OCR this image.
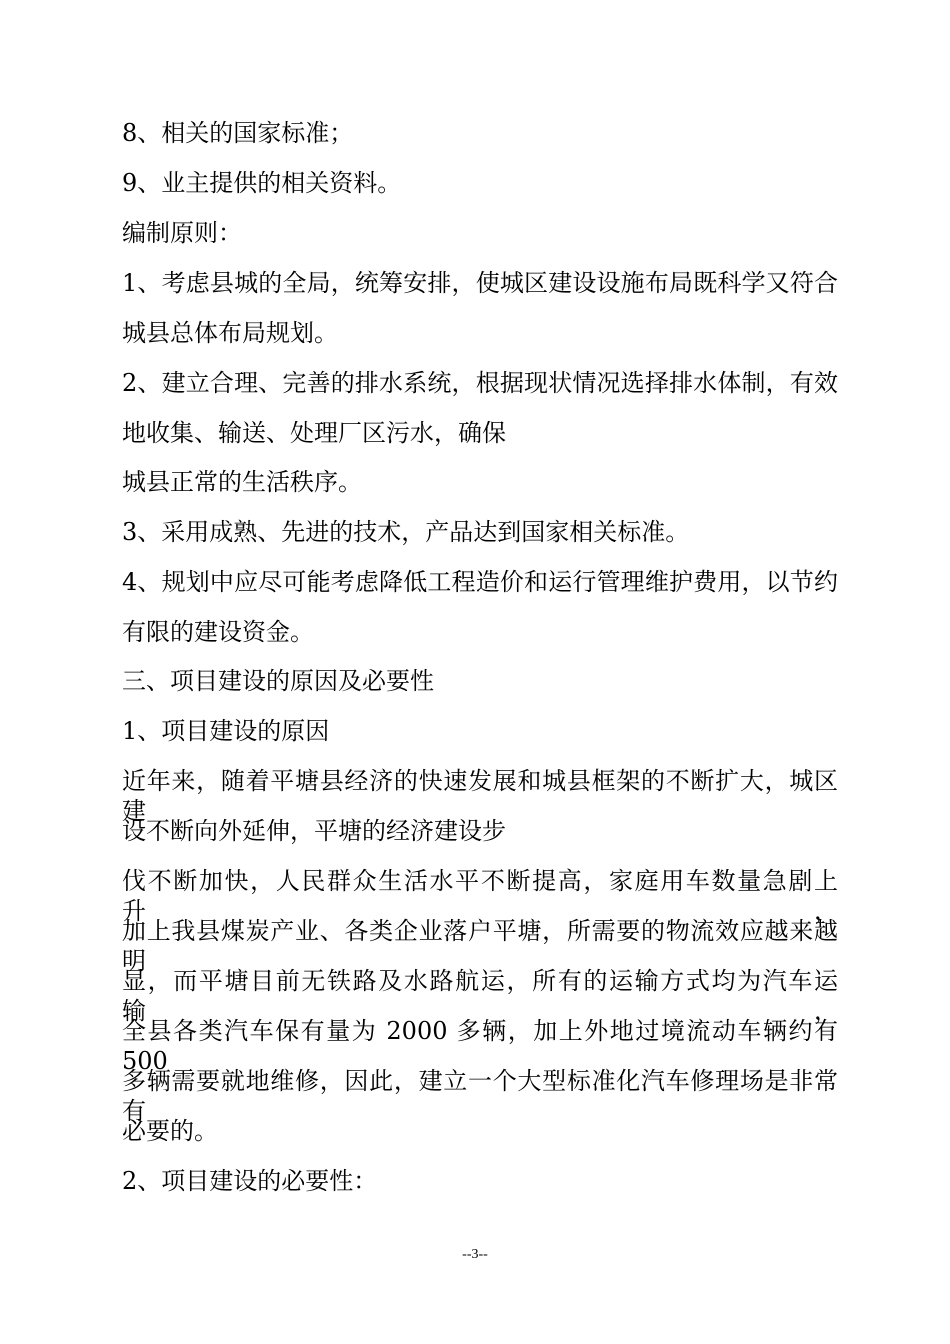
8、相关的国家标准；
9、业主提供的相关资料。
编制原则：
1、考虑县城的全局，统筹安排，使城区建设设施布局既科学又符合
城县总体布局规划。
2、建立合理、完善的排水系统，根据现状情况选择排水体制，有效
地收集、输送、处理厂区污水，确保
城县正常的生活秩序。
3、采用成熟、先进的技术，产品达到国家相关标准。
4、规划中应尽可能考虑降低工程造价和运行管理维护费用，以节约
有限的建设资金。
三、项目建设的原因及必要性
1、项目建设的原因
近年来，随着平塘县经济的快速发展和城县框架的不断扩大，城区建
设不断向外延伸，平塘的经济建设步
伐不断加快，人民群众生活水平不断提高，家庭用车数量急剧上升，
加上我县煤炭产业、各类企业落户平塘，所需要的物流效应越来越明
显，而平塘目前无铁路及水路航运，所有的运输方式均为汽车运输，
全县各类汽车保有量为 2000 多辆，加上外地过境流动车辆约有 500
多辆需要就地维修，因此，建立一个大型标准化汽车修理场是非常有
必要的。
2、项目建设的必要性：
--3--
